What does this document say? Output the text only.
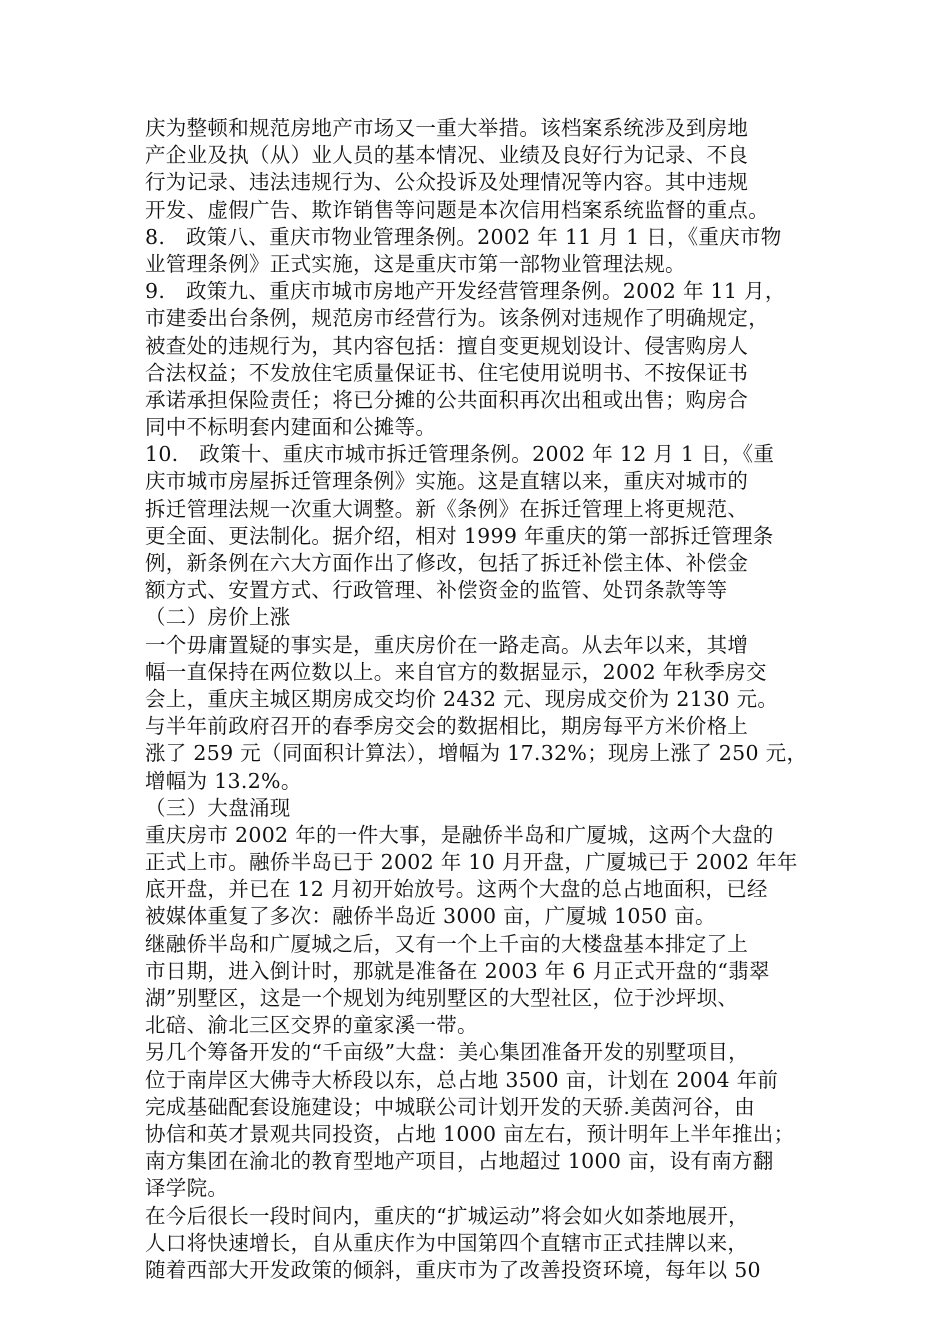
庆为整顿和规范房地产市场又一重大举措。该档案系统涉及到房地
产企业及执（从）业人员的基本情况、业绩及良好行为记录、不良
行为记录、违法违规行为、公众投诉及处理情况等内容。其中违规
开发、虚假广告、欺诈销售等问题是本次信用档案系统监督的重点。
8.　政策八、重庆市物业管理条例。2002 年 11 月 1 日，《重庆市物
业管理条例》正式实施，这是重庆市第一部物业管理法规。
9.　政策九、重庆市城市房地产开发经营管理条例。2002 年 11 月，
市建委出台条例，规范房市经营行为。该条例对违规作了明确规定，
被查处的违规行为，其内容包括：擅自变更规划设计、侵害购房人
合法权益；不发放住宅质量保证书、住宅使用说明书、不按保证书
承诺承担保险责任；将已分摊的公共面积再次出租或出售；购房合
同中不标明套内建面和公摊等。
10.　政策十、重庆市城市拆迁管理条例。2002 年 12 月 1 日，《重
庆市城市房屋拆迁管理条例》实施。这是直辖以来，重庆对城市的
拆迁管理法规一次重大调整。新《条例》在拆迁管理上将更规范、
更全面、更法制化。据介绍，相对 1999 年重庆的第一部拆迁管理条
例，新条例在六大方面作出了修改，包括了拆迁补偿主体、补偿金
额方式、安置方式、行政管理、补偿资金的监管、处罚条款等等
（二）房价上涨
一个毋庸置疑的事实是，重庆房价在一路走高。从去年以来，其增
幅一直保持在两位数以上。来自官方的数据显示，2002 年秋季房交
会上，重庆主城区期房成交均价 2432 元、现房成交价为 2130 元。
与半年前政府召开的春季房交会的数据相比，期房每平方米价格上
涨了 259 元（同面积计算法），增幅为 17.32%；现房上涨了 250 元，
增幅为 13.2%。
（三）大盘涌现
重庆房市 2002 年的一件大事，是融侨半岛和广厦城，这两个大盘的
正式上市。融侨半岛已于 2002 年 10 月开盘，广厦城已于 2002 年年
底开盘，并已在 12 月初开始放号。这两个大盘的总占地面积，已经
被媒体重复了多次：融侨半岛近 3000 亩，广厦城 1050 亩。
继融侨半岛和广厦城之后，又有一个上千亩的大楼盘基本排定了上
市日期，进入倒计时，那就是准备在 2003 年 6 月正式开盘的“翡翠
湖”别墅区，这是一个规划为纯别墅区的大型社区，位于沙坪坝、
北碚、渝北三区交界的童家溪一带。
另几个筹备开发的“千亩级”大盘：美心集团准备开发的别墅项目，
位于南岸区大佛寺大桥段以东，总占地 3500 亩，计划在 2004 年前
完成基础配套设施建设；中城联公司计划开发的天骄.美茵河谷，由
协信和英才景观共同投资，占地 1000 亩左右，预计明年上半年推出；
南方集团在渝北的教育型地产项目，占地超过 1000 亩，设有南方翻
译学院。
在今后很长一段时间内，重庆的“扩城运动”将会如火如荼地展开，
人口将快速增长，自从重庆作为中国第四个直辖市正式挂牌以来，
随着西部大开发政策的倾斜，重庆市为了改善投资环境，每年以 50
